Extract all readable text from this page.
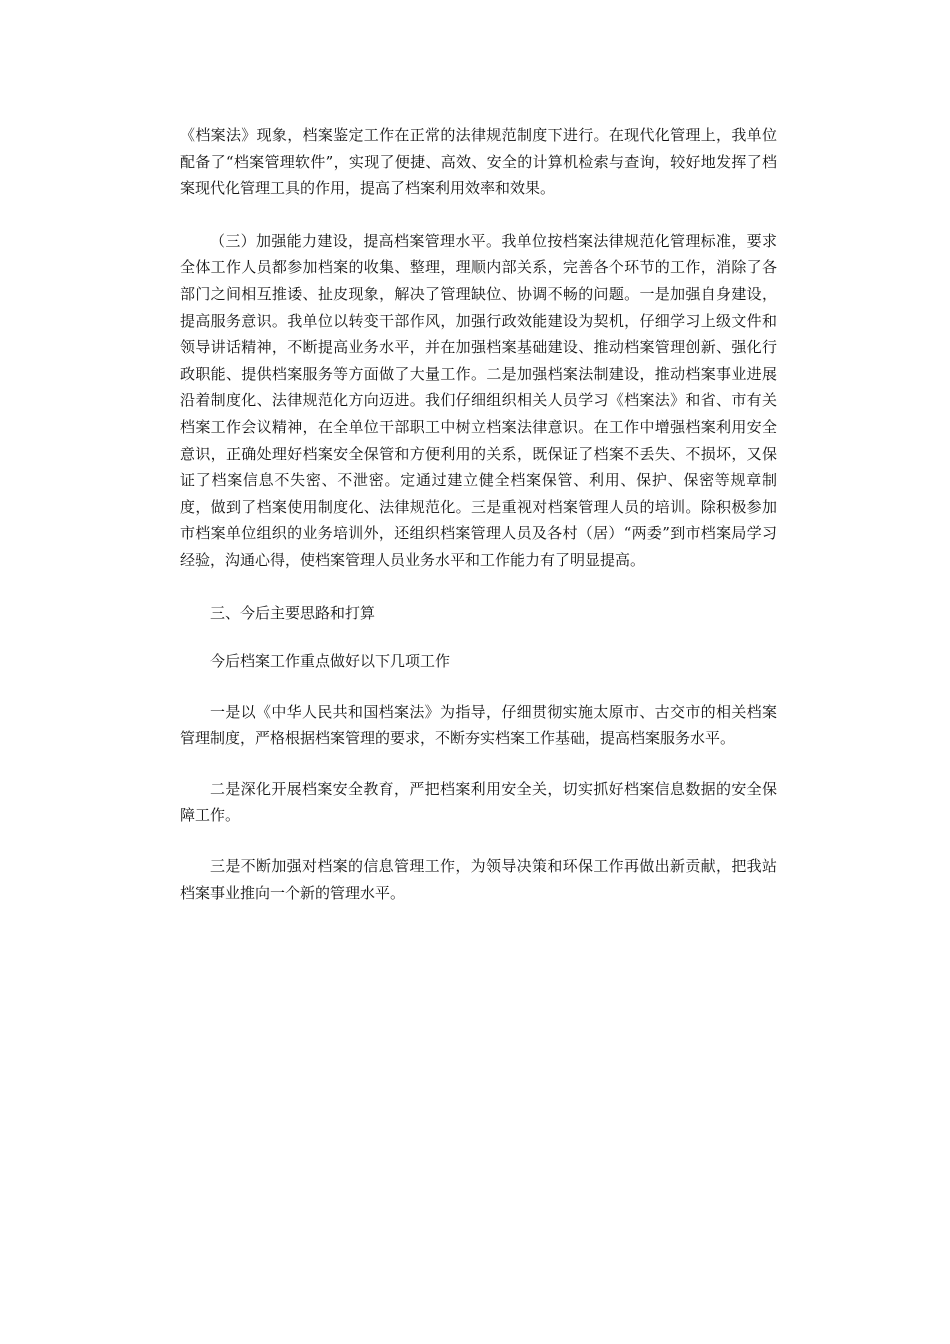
《档案法》现象，档案鉴定工作在正常的法律规范制度下进行。在现代化管理上，我单位配备了“档案管理软件”，实现了便捷、高效、安全的计算机检索与查询，较好地发挥了档案现代化管理工具的作用，提高了档案利用效率和效果。

（三）加强能力建设，提高档案管理水平。我单位按档案法律规范化管理标准，要求全体工作人员都参加档案的收集、整理，理顺内部关系，完善各个环节的工作，消除了各部门之间相互推诿、扯皮现象，解决了管理缺位、协调不畅的问题。一是加强自身建设，提高服务意识。我单位以转变干部作风，加强行政效能建设为契机，仔细学习上级文件和领导讲话精神，不断提高业务水平，并在加强档案基础建设、推动档案管理创新、强化行政职能、提供档案服务等方面做了大量工作。二是加强档案法制建设，推动档案事业进展沿着制度化、法律规范化方向迈进。我们仔细组织相关人员学习《档案法》和省、市有关档案工作会议精神，在全单位干部职工中树立档案法律意识。在工作中增强档案利用安全意识，正确处理好档案安全保管和方便利用的关系，既保证了档案不丢失、不损坏，又保证了档案信息不失密、不泄密。定通过建立健全档案保管、利用、保护、保密等规章制度，做到了档案使用制度化、法律规范化。三是重视对档案管理人员的培训。除积极参加市档案单位组织的业务培训外，还组织档案管理人员及各村（居）“两委”到市档案局学习经验，沟通心得，使档案管理人员业务水平和工作能力有了明显提高。

三、今后主要思路和打算

今后档案工作重点做好以下几项工作

一是以《中华人民共和国档案法》为指导，仔细贯彻实施太原市、古交市的相关档案管理制度，严格根据档案管理的要求，不断夯实档案工作基础，提高档案服务水平。

二是深化开展档案安全教育，严把档案利用安全关，切实抓好档案信息数据的安全保障工作。

三是不断加强对档案的信息管理工作，为领导决策和环保工作再做出新贡献，把我站档案事业推向一个新的管理水平。
